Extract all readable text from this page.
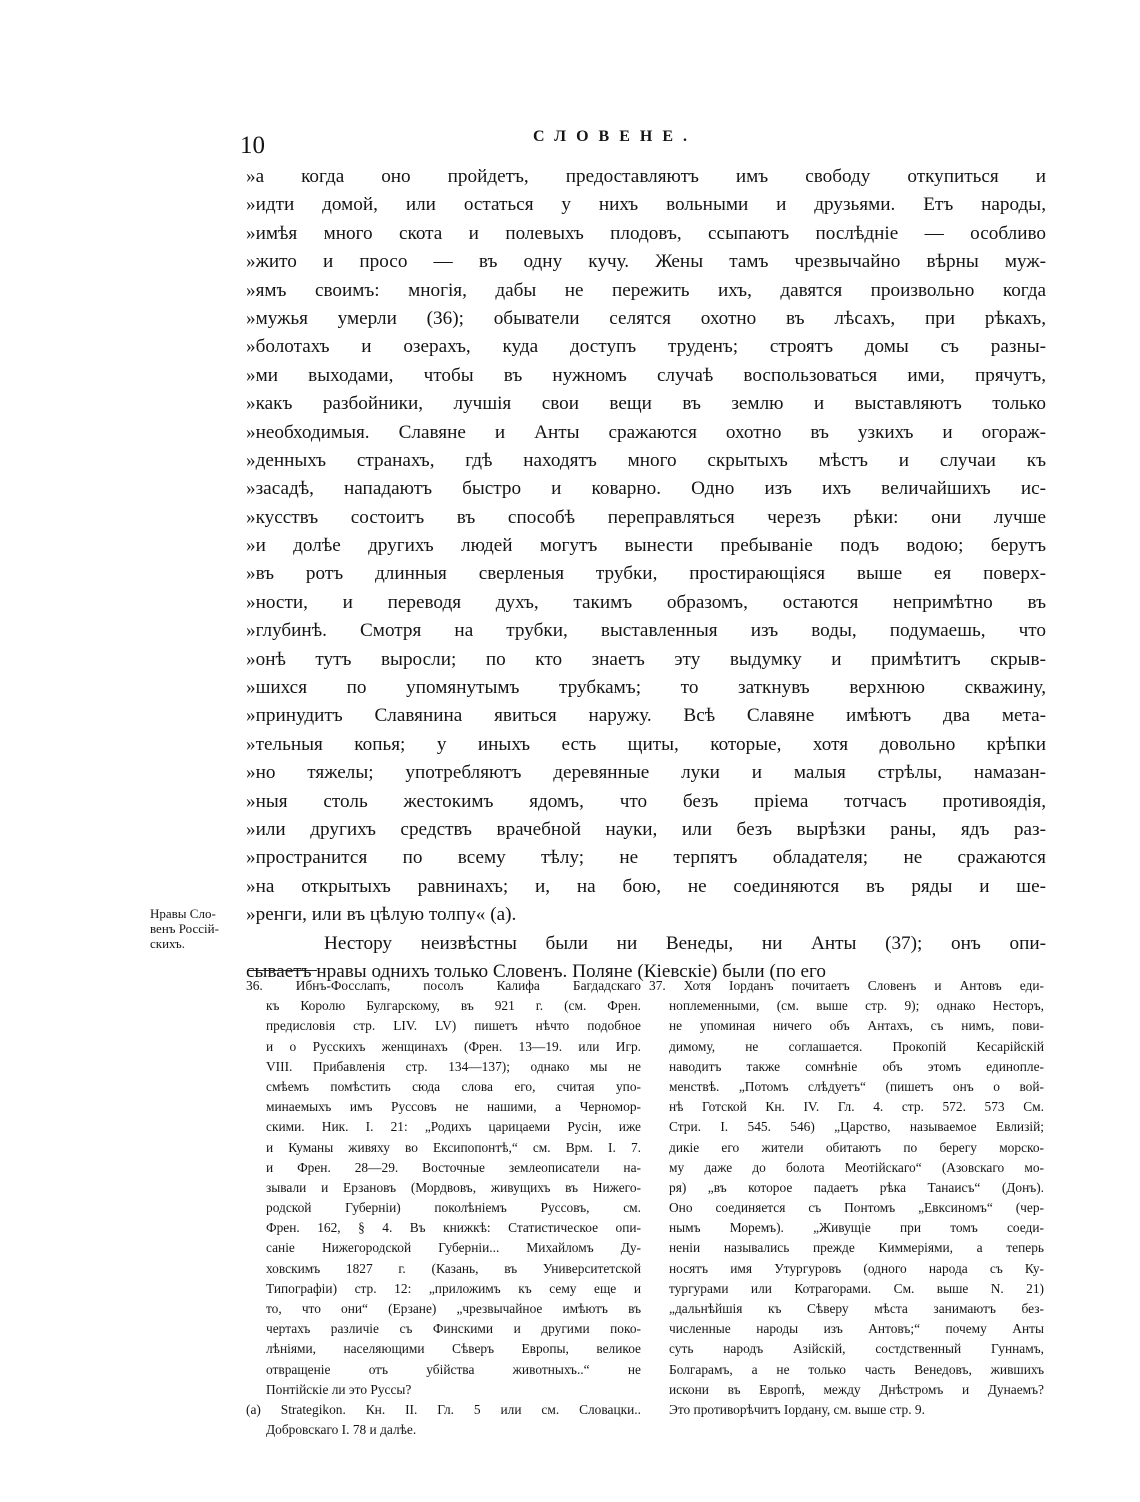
10	СЛОВЕНЕ.
»а когда оно пройдетъ, предоставляютъ имъ свободу откупиться и
»идти домой, или остаться у нихъ вольными и друзьями. Етъ народы,
»имѣя много скота и полевыхъ плодовъ, ссыпаютъ послѣдніе — особливо
»жито и просо — въ одну кучу. Жены тамъ чрезвычайно вѣрны муж-
»ямъ своимъ: многія, дабы не пережить ихъ, давятся произвольно когда
»мужья умерли (36); обыватели селятся охотно въ лѣсахъ, при рѣкахъ,
»болотахъ и озерахъ, куда доступъ труденъ; строятъ домы съ разны-
»ми выходами, чтобы въ нужномъ случаѣ воспользоваться ими, прячутъ,
»какъ разбойники, лучшія свои вещи въ землю и выставляютъ только
»необходимыя. Славяне и Анты сражаются охотно въ узкихъ и огораж-
»денныхъ странахъ, гдѣ находятъ много скрытыхъ мѣстъ и случаи къ
»засадѣ, нападаютъ быстро и коварно. Одно изъ ихъ величайшихъ ис-
»кусствъ состоитъ въ способѣ переправляться черезъ рѣки: они лучше
»и долѣе другихъ людей могутъ вынести пребываніе подъ водою; берутъ
»въ ротъ длинныя сверленыя трубки, простирающіяся выше ея поверх-
»ности, и переводя духъ, такимъ образомъ, остаются непримѣтно въ
»глубинѣ. Смотря на трубки, выставленныя изъ воды, подумаешь, что
»онѣ тутъ выросли; по кто знаетъ эту выдумку и примѣтитъ скрыв-
»шихся по упомянутымъ трубкамъ; то заткнувъ верхнюю скважину,
»принудитъ Славянина явиться наружу. Всѣ Славяне имѣютъ два мета-
»тельныя копья; у иныхъ есть щиты, которые, хотя довольно крѣпки
»но тяжелы; употребляютъ деревянные луки и малыя стрѣлы, намазан-
»ныя столь жестокимъ ядомъ, что безъ пріема тотчасъ противоядія,
»или другихъ средствъ врачебной науки, или безъ вырѣзки раны, ядъ раз-
»пространится по всему тѣлу; не терпятъ обладателя; не сражаются
»на открытыхъ равнинахъ; и, на бою, не соединяются въ ряды и ше-
»ренги, или въ цѣлую толпу« (a).
Нестору неизвѣстны были ни Венеды, ни Анты (37); онъ опи-
сываетъ нравы однихъ только Словенъ. Поляне (Кіевскіе) были (по его
Нравы Сло-
венъ Россій-
скихъ.
36. Ибнъ-Фосслапъ, посолъ Калифа Багдадскаго
къ Королю Булгарскому, въ 921 г. (см. Френ.
предисловія стр. LIV. LV) пишетъ нѣчто подобное
и о Русскихъ женщинахъ (Френ. 13—19. или Игр.
VIII. Прибавленія стр. 134—137); однако мы не
смѣемъ помѣстить сюда слова его, считая упо-
минаемыхъ имъ Руссовъ не нашими, а Черномор-
скими. Ник. I. 21: „Родихъ царицаеми Русін, иже
и Куманы живяху во Ексипопонтѣ,“ см. Врм. I. 7.
и Френ. 28—29. Восточные землеописатели на-
зывали и Ерзановъ (Мордвовъ, живущихъ въ Нижего-
родской Губерніи) поколѣніемъ Руссовъ, см.
Френ. 162, § 4. Въ книжкѣ: Статистическое опи-
саніе Нижегородской Губерніи... Михайломъ Ду-
ховскимъ 1827 г. (Казань, въ Университетской
Типографіи) стр. 12: „приложимъ къ сему еще и
то, что они“ (Ерзане) „чрезвычайное имѣютъ въ
чертахъ различіе съ Финскими и другими поко-
лѣніями, населяющими Сѣверъ Европы, великое
отвращеніе отъ убійства животныхъ..“ не
Понтійскіе ли это Руссы?
(a) Strategikon. Кн. II. Гл. 5 или см. Словацки..
Добровскаго I. 78 и далѣе.
37. Хотя Іорданъ почитаетъ Словенъ и Антовъ еди-
ноплеменными, (см. выше стр. 9); однако Несторъ,
не упоминая ничего объ Антахъ, съ нимъ, пови-
димому, не соглашается. Прокопій Кесарійскій
наводитъ также сомнѣніе объ этомъ единопле-
менствѣ. „Потомъ слѣдуетъ“ (пишетъ онъ о вой-
нѣ Готской Кн. IV. Гл. 4. стр. 572. 573 См.
Стри. I. 545. 546) „Царство, называемое Евлизій;
дикіе его жители обитаютъ по берегу морско-
му даже до болота Меотійскаго“ (Азовскаго мо-
ря) „въ которое падаетъ рѣка Танаисъ“ (Донъ).
Оно соединяется съ Понтомъ „Евксиномъ“ (чер-
нымъ Моремъ). „Живущіе при томъ соеди-
неніи назывались прежде Киммеріями, а теперь
носятъ имя Утургуровъ (одного народа съ Ку-
тургурами или Котрагорами. См. выше N. 21)
„дальнѣйшія къ Сѣверу мѣста занимаютъ без-
численные народы изъ Антовъ;“ почему Анты
суть народъ Азійскій, состдственный Гуннамъ,
Болгарамъ, а не только часть Венедовъ, жившихъ
искони въ Европѣ, между Днѣстромъ и Дунаемъ?
Это противорѣчитъ Іордану, см. выше стр. 9.
